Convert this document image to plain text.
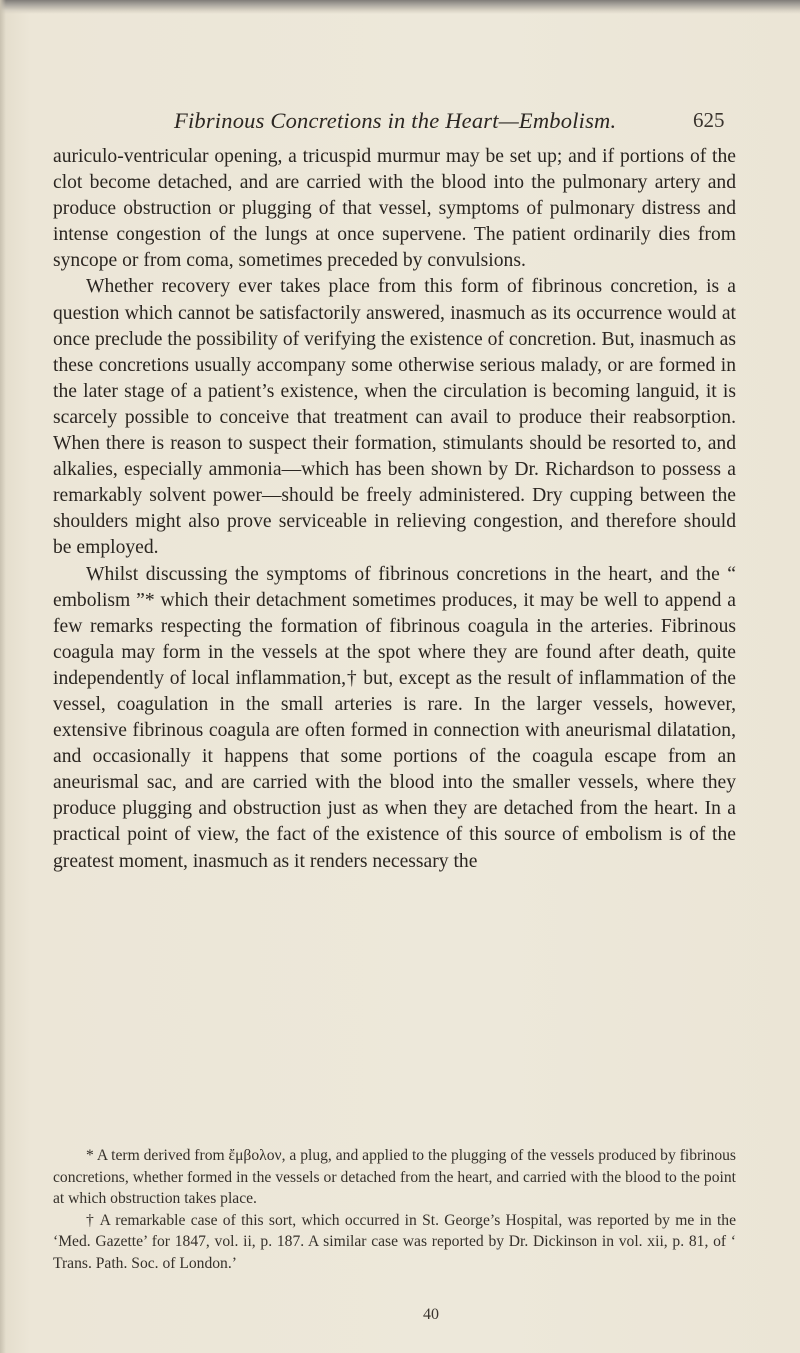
Fibrinous Concretions in the Heart—Embolism.	625

auriculo-ventricular opening, a tricuspid murmur may be set up; and if portions of the clot become detached, and are carried with the blood into the pulmonary artery and produce obstruction or plugging of that vessel, symptoms of pulmonary distress and intense congestion of the lungs at once supervene. The patient ordinarily dies from syncope or from coma, sometimes preceded by convulsions.

Whether recovery ever takes place from this form of fibrinous concretion, is a question which cannot be satisfactorily answered, inasmuch as its occurrence would at once preclude the possibility of verifying the existence of concretion. But, inasmuch as these concretions usually accompany some otherwise serious malady, or are formed in the later stage of a patient’s existence, when the circulation is becoming languid, it is scarcely possible to conceive that treatment can avail to produce their reabsorption. When there is reason to suspect their formation, stimulants should be resorted to, and alkalies, especially ammonia—which has been shown by Dr. Richardson to possess a remarkably solvent power—should be freely administered. Dry cupping between the shoulders might also prove serviceable in relieving congestion, and therefore should be employed.

Whilst discussing the symptoms of fibrinous concretions in the heart, and the “ embolism ”* which their detachment sometimes produces, it may be well to append a few remarks respecting the formation of fibrinous coagula in the arteries. Fibrinous coagula may form in the vessels at the spot where they are found after death, quite independently of local inflammation,† but, except as the result of inflammation of the vessel, coagulation in the small arteries is rare. In the larger vessels, however, extensive fibrinous coagula are often formed in connection with aneurismal dilatation, and occasionally it happens that some portions of the coagula escape from an aneurismal sac, and are carried with the blood into the smaller vessels, where they produce plugging and obstruction just as when they are detached from the heart. In a practical point of view, the fact of the existence of this source of embolism is of the greatest moment, inasmuch as it renders necessary the

* A term derived from ἔμβολον, a plug, and applied to the plugging of the vessels produced by fibrinous concretions, whether formed in the vessels or detached from the heart, and carried with the blood to the point at which obstruction takes place.

† A remarkable case of this sort, which occurred in St. George’s Hospital, was reported by me in the ‘Med. Gazette’ for 1847, vol. ii, p. 187. A similar case was reported by Dr. Dickinson in vol. xii, p. 81, of ‘ Trans. Path. Soc. of London.’

40
